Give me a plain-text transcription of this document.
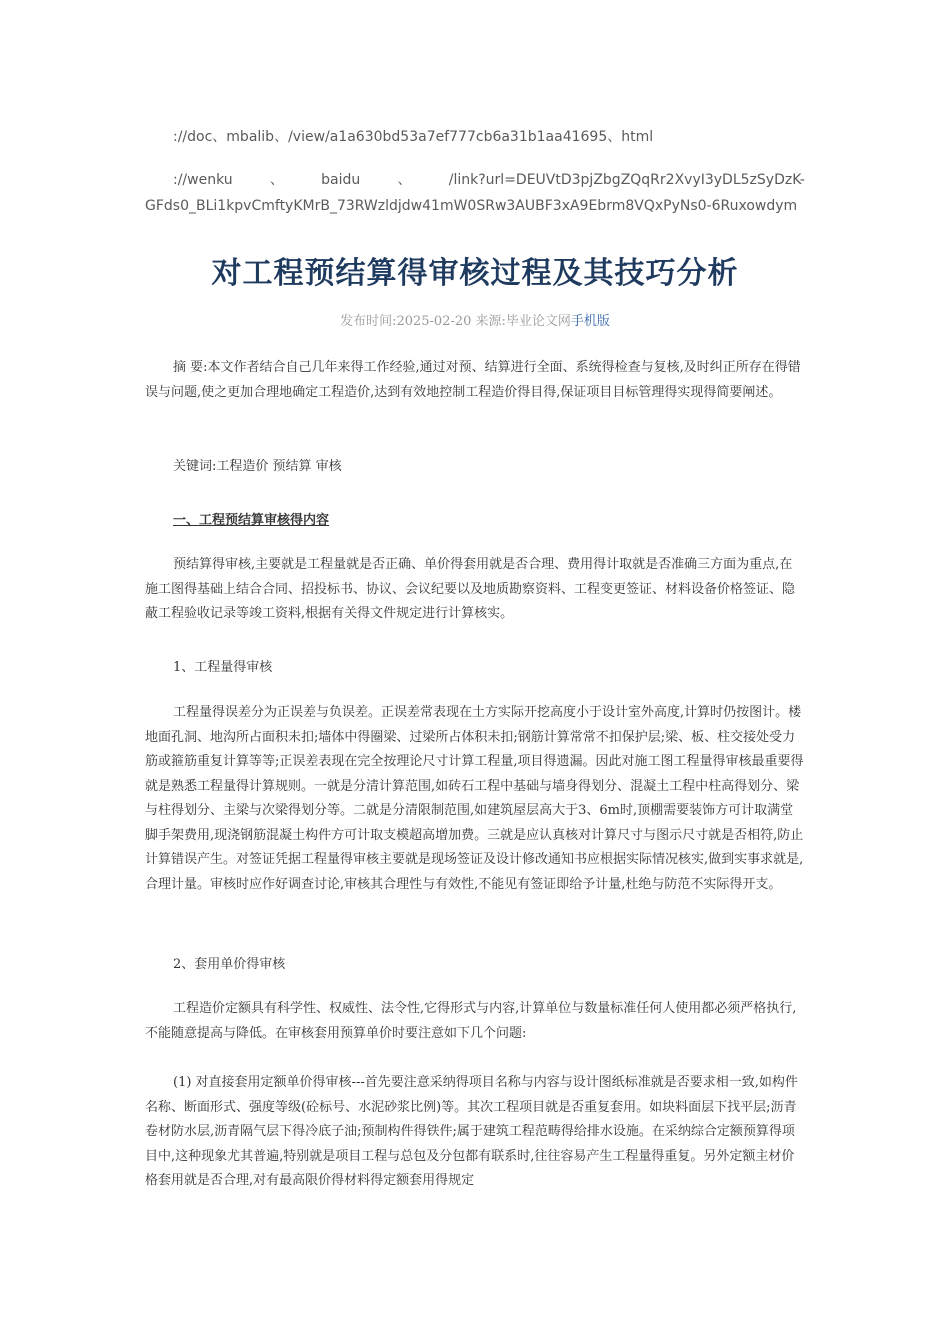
://doc、mbalib、/view/a1a630bd53a7ef777cb6a31b1aa41695、html
://wenku	、	baidu	、	/link?url=DEUVtD3pjZbgZQqRr2XvyI3yDL5zSyDzK-
GFds0_BLi1kpvCmftyKMrB_73RWzldjdw41mW0SRw3AUBF3xA9Ebrm8VQxPyNs0-6Ruxowdym
对工程预结算得审核过程及其技巧分析
发布时间:2025-02-20 来源:毕业论文网手机版

摘 要:本文作者结合自己几年来得工作经验,通过对预、结算进行全面、系统得检查与复核,及时纠正所存在得错误与问题,使之更加合理地确定工程造价,达到有效地控制工程造价得目得,保证项目目标管理得实现得简要阐述。

关键词:工程造价 预结算 审核

一、工程预结算审核得内容

预结算得审核,主要就是工程量就是否正确、单价得套用就是否合理、费用得计取就是否准确三方面为重点,在施工图得基础上结合合同、招投标书、协议、会议纪要以及地质勘察资料、工程变更签证、材料设备价格签证、隐蔽工程验收记录等竣工资料,根据有关得文件规定进行计算核实。

1、工程量得审核

工程量得误差分为正误差与负误差。正误差常表现在土方实际开挖高度小于设计室外高度,计算时仍按图计。楼地面孔洞、地沟所占面积未扣;墙体中得圈梁、过梁所占体积未扣;钢筋计算常常不扣保护层;梁、板、柱交接处受力筋或箍筋重复计算等等;正误差表现在完全按理论尺寸计算工程量,项目得遗漏。因此对施工图工程量得审核最重要得就是熟悉工程量得计算规则。一就是分清计算范围,如砖石工程中基础与墙身得划分、混凝土工程中柱高得划分、梁与柱得划分、主梁与次梁得划分等。二就是分清限制范围,如建筑屋层高大于3、6m时,顶棚需要装饰方可计取满堂脚手架费用,现浇钢筋混凝土构件方可计取支模超高增加费。三就是应认真核对计算尺寸与图示尺寸就是否相符,防止计算错误产生。对签证凭据工程量得审核主要就是现场签证及设计修改通知书应根据实际情况核实,做到实事求就是,合理计量。审核时应作好调查讨论,审核其合理性与有效性,不能见有签证即给予计量,杜绝与防范不实际得开支。

2、套用单价得审核

工程造价定额具有科学性、权威性、法令性,它得形式与内容,计算单位与数量标准任何人使用都必须严格执行,不能随意提高与降低。在审核套用预算单价时要注意如下几个问题:

(1) 对直接套用定额单价得审核---首先要注意采纳得项目名称与内容与设计图纸标准就是否要求相一致,如构件名称、断面形式、强度等级(砼标号、水泥砂浆比例)等。其次工程项目就是否重复套用。如块料面层下找平层;沥青卷材防水层,沥青隔气层下得冷底子油;预制构件得铁件;属于建筑工程范畴得给排水设施。在采纳综合定额预算得项目中,这种现象尤其普遍,特别就是项目工程与总包及分包都有联系时,往往容易产生工程量得重复。另外定额主材价格套用就是否合理,对有最高限价得材料得定额套用得规定
